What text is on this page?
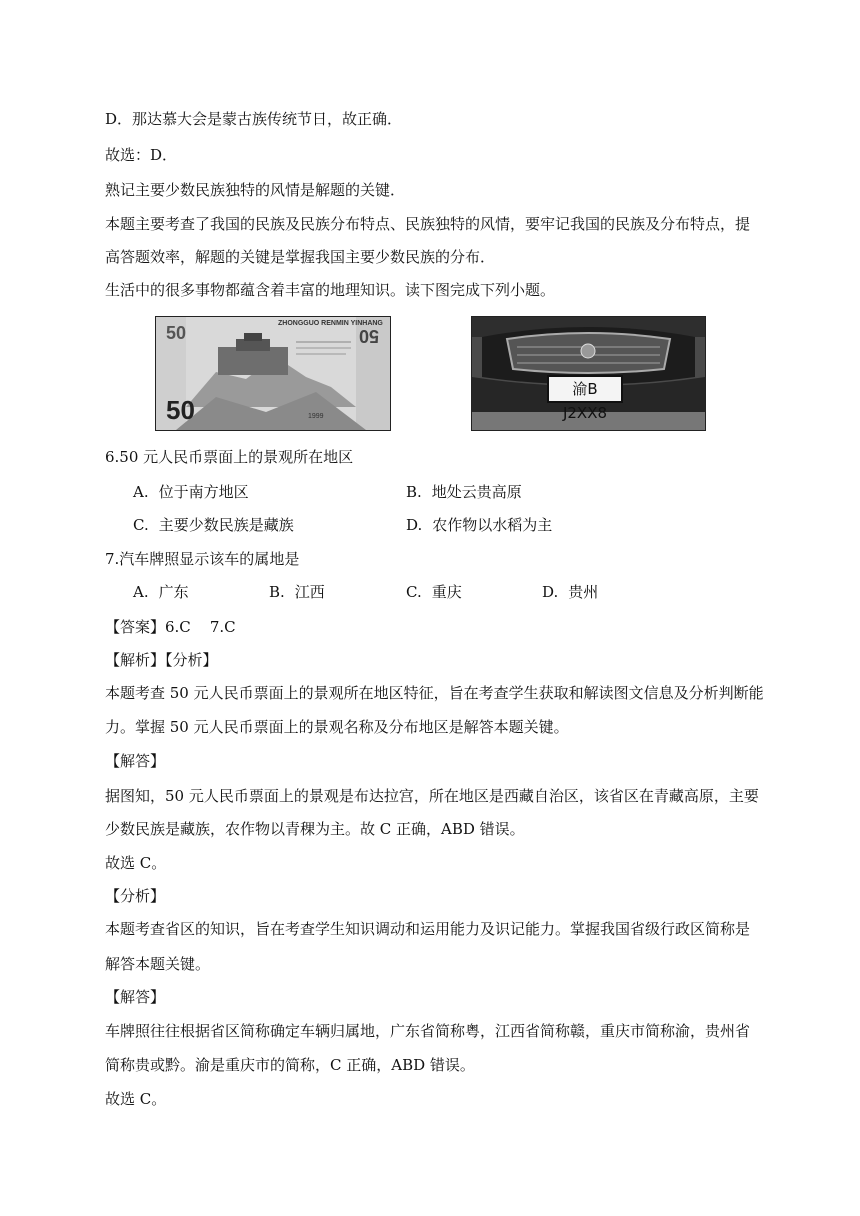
D．那达慕大会是蒙古族传统节日，故正确．
故选：D．
熟记主要少数民族独特的风情是解题的关键．
本题主要考查了我国的民族及民族分布特点、民族独特的风情，要牢记我国的民族及分布特点，提
高答题效率，解题的关键是掌握我国主要少数民族的分布．
生活中的很多事物都蕴含着丰富的地理知识。读下图完成下列小题。
ZHONGGUO RENMIN YINHANG
50
50
50
1999
渝B J2XX8
6.50 元人民币票面上的景观所在地区
A. 位于南方地区	B. 地处云贵高原
C. 主要少数民族是藏族	D. 农作物以水稻为主
7.汽车牌照显示该车的属地是
A. 广东	B. 江西	C. 重庆	D. 贵州
【答案】6.C    7.C
【解析】【分析】
本题考查 50 元人民币票面上的景观所在地区特征，旨在考查学生获取和解读图文信息及分析判断能
力。掌握 50 元人民币票面上的景观名称及分布地区是解答本题关键。
【解答】
据图知，50 元人民币票面上的景观是布达拉宫，所在地区是西藏自治区，该省区在青藏高原，主要
少数民族是藏族，农作物以青稞为主。故 C 正确，ABD 错误。
故选 C。
【分析】
本题考查省区的知识，旨在考查学生知识调动和运用能力及识记能力。掌握我国省级行政区简称是
解答本题关键。
【解答】
车牌照往往根据省区简称确定车辆归属地，广东省简称粤，江西省简称赣，重庆市简称渝，贵州省
简称贵或黔。渝是重庆市的简称，C 正确，ABD 错误。
故选 C。
